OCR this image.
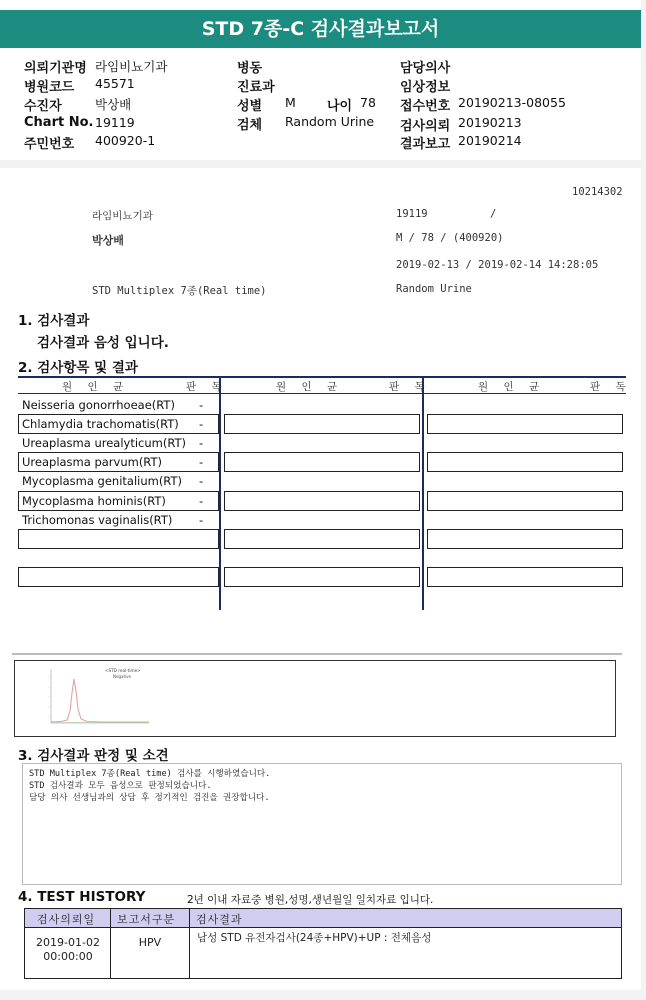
STD 7종-C 검사결과보고서
의뢰기관명 라임비뇨기과
병원코드 45571
수진자	박상배
Chart No. 19119
주민번호 400920-1
병동
진료과
성별 M 나이 78
검체 Random Urine
담당의사
임상정보
접수번호 20190213-08055
검사의뢰 20190213
결과보고 20190214
10214302
라임비뇨기과	19119	/
박상배	M / 78 / (400920)
2019-02-13 / 2019-02-14 14:28:05
STD Multiplex 7종(Real time)	Random Urine
1. 검사결과
검사결과 음성 입니다.
2. 검사항목 및 결과
원 인 균	판 독	원 인 균	판 독	원 인 균	판 독
Neisseria gonorrhoeae(RT) -
Chlamydia trachomatis(RT) -
Ureaplasma urealyticum(RT) -
Ureaplasma parvum(RT)	-
Mycoplasma genitalium(RT) -
Mycoplasma hominis(RT)	-
Trichomonas vaginalis(RT) -
<STD real-time>
Negative
3. 검사결과 판정 및 소견
STD Multiplex 7종(Real time) 검사를 시행하였습니다.
STD 검사결과 모두 음성으로 판정되었습니다.
담당 의사 선생님과의 상담 후 정기적인 검진을 권장합니다.
4. TEST HISTORY	2년 이내 자료중 병원,성명,생년월일 일치자료 입니다.
검사의뢰일 보고서구분 검사결과
2019-01-02
00:00:00
HPV	남성 STD 유전자검사(24종+HPV)+UP : 전체음성
